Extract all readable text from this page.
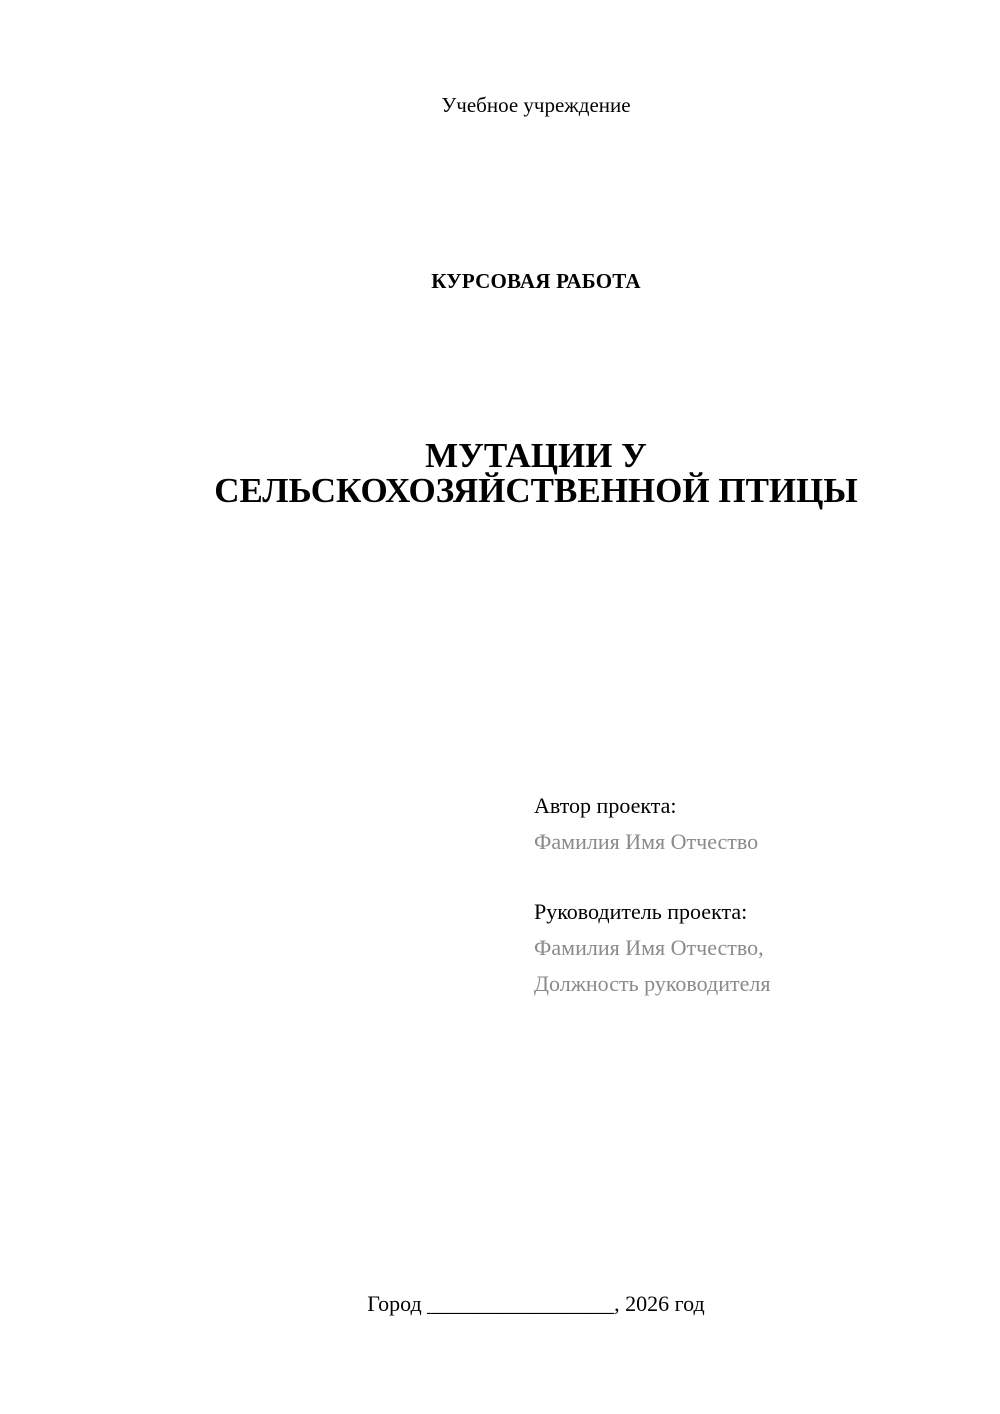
Учебное учреждение
КУРСОВАЯ РАБОТА
МУТАЦИИ У
СЕЛЬСКОХОЗЯЙСТВЕННОЙ ПТИЦЫ
Автор проекта:
Фамилия Имя Отчество
Руководитель проекта:
Фамилия Имя Отчество,
Должность руководителя
Город _________________, 2026 год
